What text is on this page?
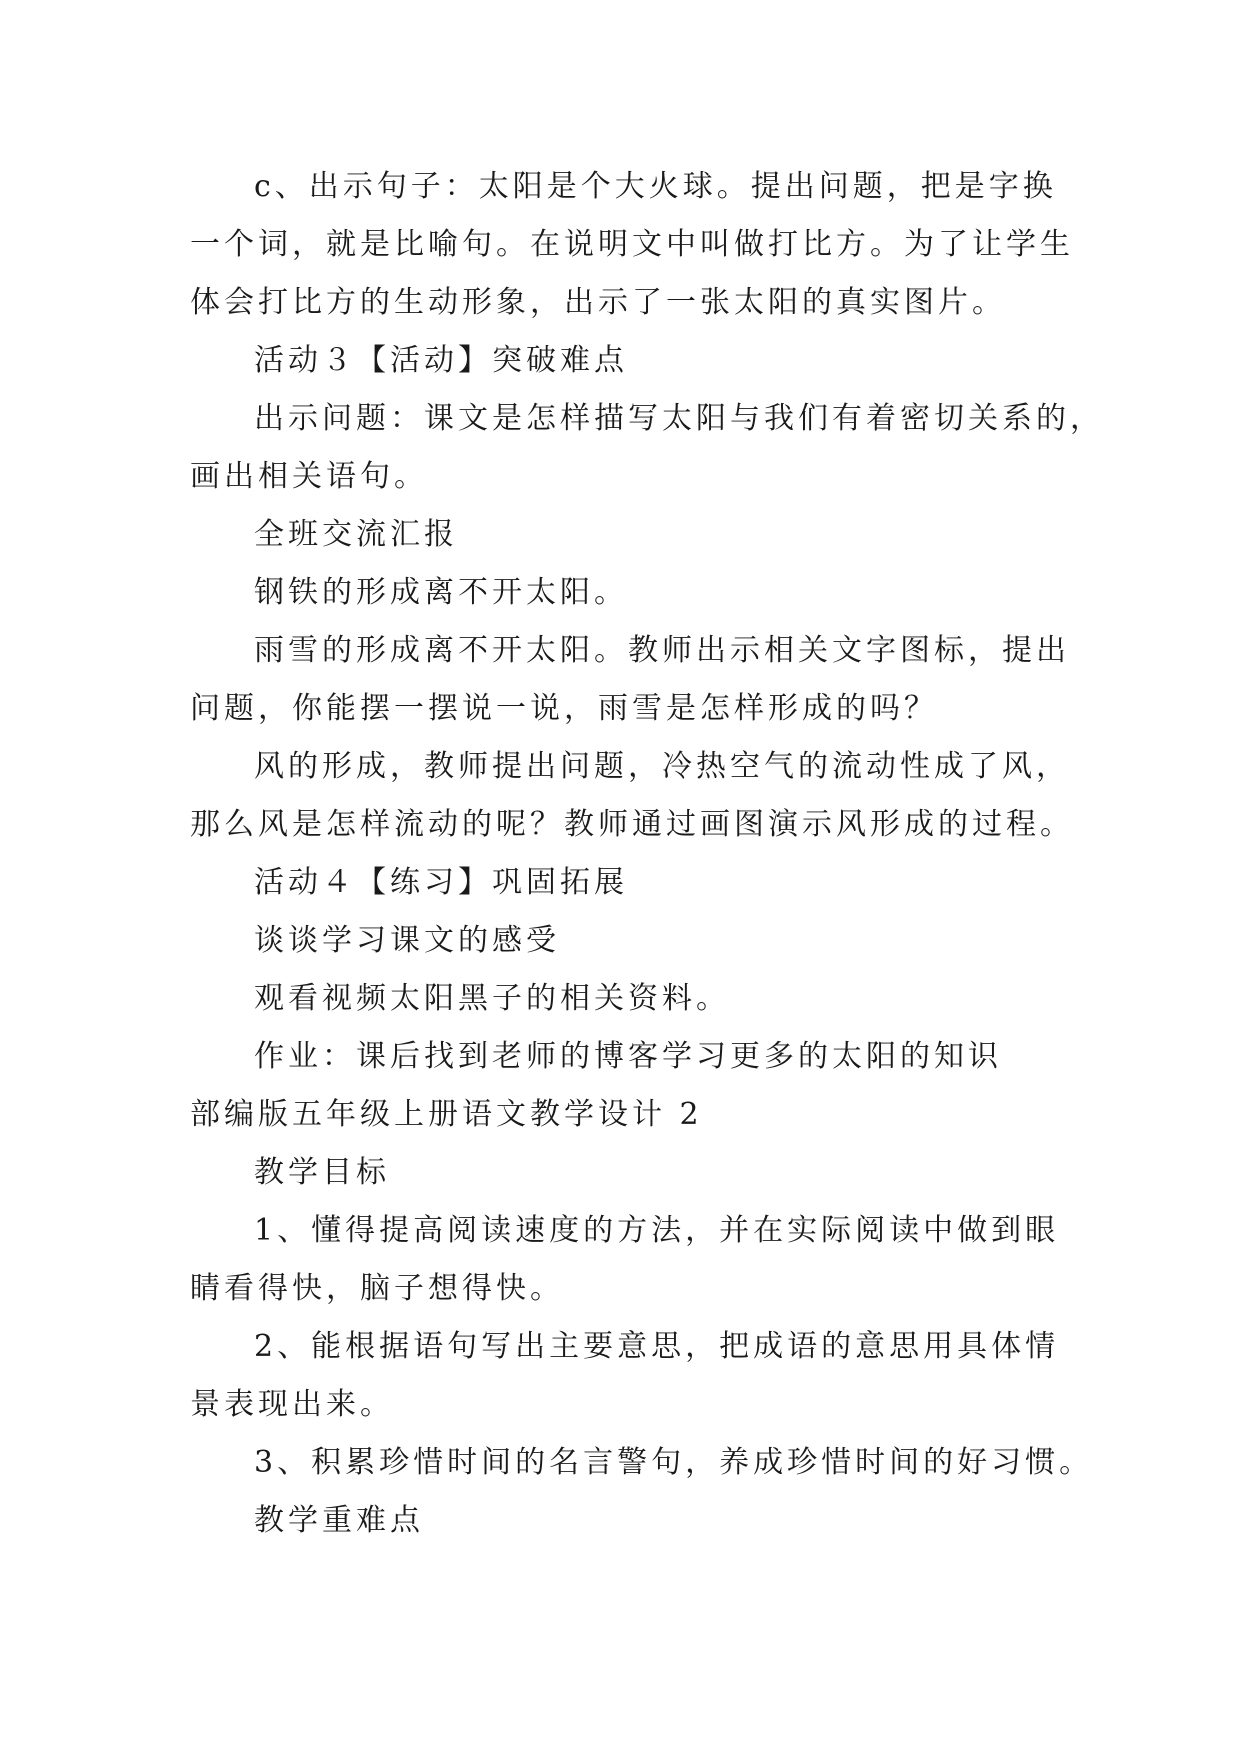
c、出示句子：太阳是个大火球。提出问题，把是字换
一个词，就是比喻句。在说明文中叫做打比方。为了让学生
体会打比方的生动形象，出示了一张太阳的真实图片。
活动３【活动】突破难点
出示问题：课文是怎样描写太阳与我们有着密切关系的，
画出相关语句。
全班交流汇报
钢铁的形成离不开太阳。
雨雪的形成离不开太阳。教师出示相关文字图标，提出
问题，你能摆一摆说一说，雨雪是怎样形成的吗？
风的形成，教师提出问题，冷热空气的流动性成了风，
那么风是怎样流动的呢？教师通过画图演示风形成的过程。
活动４【练习】巩固拓展
谈谈学习课文的感受
观看视频太阳黑子的相关资料。
作业：课后找到老师的博客学习更多的太阳的知识
部编版五年级上册语文教学设计 2
教学目标
1、懂得提高阅读速度的方法，并在实际阅读中做到眼
睛看得快，脑子想得快。
2、能根据语句写出主要意思，把成语的意思用具体情
景表现出来。
3、积累珍惜时间的名言警句，养成珍惜时间的好习惯。
教学重难点
